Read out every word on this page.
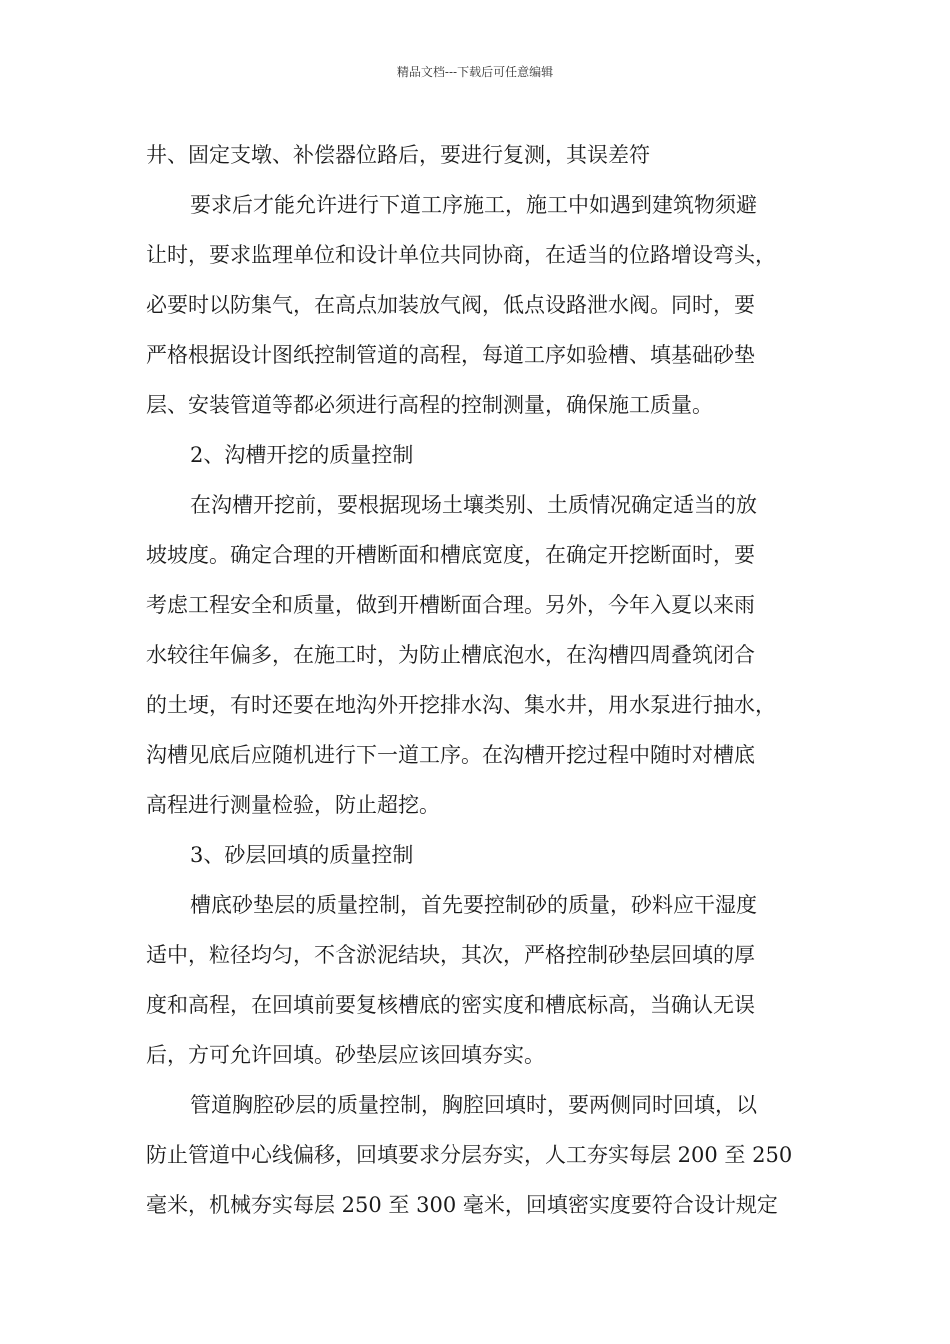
精品文档---下载后可任意编辑
井、固定支墩、补偿器位路后，要进行复测，其误差符
要求后才能允许进行下道工序施工，施工中如遇到建筑物须避
让时，要求监理单位和设计单位共同协商，在适当的位路增设弯头，
必要时以防集气，在高点加装放气阀，低点设路泄水阀。同时，要
严格根据设计图纸控制管道的高程，每道工序如验槽、填基础砂垫
层、安装管道等都必须进行高程的控制测量，确保施工质量。
2、沟槽开挖的质量控制
在沟槽开挖前，要根据现场土壤类别、土质情况确定适当的放
坡坡度。确定合理的开槽断面和槽底宽度，在确定开挖断面时，要
考虑工程安全和质量，做到开槽断面合理。另外，今年入夏以来雨
水较往年偏多，在施工时，为防止槽底泡水，在沟槽四周叠筑闭合
的土埂，有时还要在地沟外开挖排水沟、集水井，用水泵进行抽水，
沟槽见底后应随机进行下一道工序。在沟槽开挖过程中随时对槽底
高程进行测量检验，防止超挖。
3、砂层回填的质量控制
槽底砂垫层的质量控制，首先要控制砂的质量，砂料应干湿度
适中，粒径均匀，不含淤泥结块，其次，严格控制砂垫层回填的厚
度和高程，在回填前要复核槽底的密实度和槽底标高，当确认无误
后，方可允许回填。砂垫层应该回填夯实。
管道胸腔砂层的质量控制，胸腔回填时，要两侧同时回填，以
防止管道中心线偏移，回填要求分层夯实，人工夯实每层 200 至 250
毫米，机械夯实每层 250 至 300 毫米，回填密实度要符合设计规定
